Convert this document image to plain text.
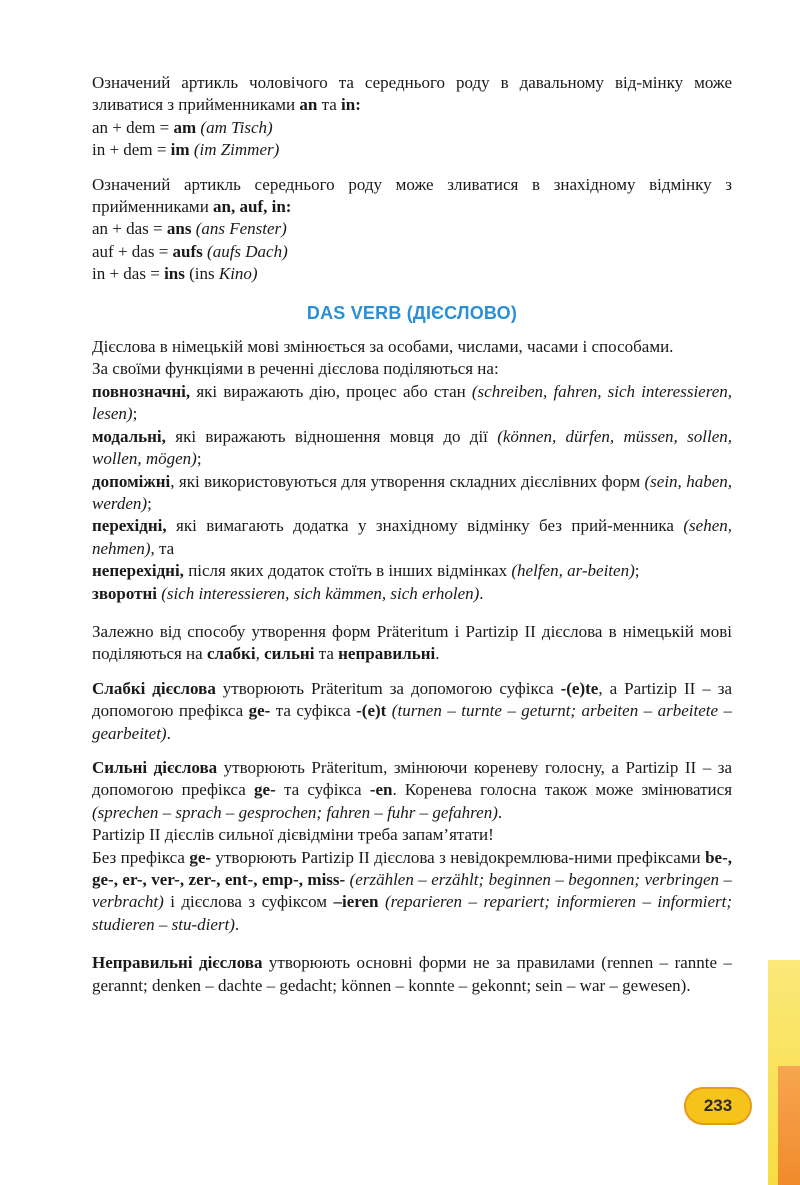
Означений артикль чоловічого та середнього роду в давальному від-мінку може зливатися з прийменниками an та in:

an + dem = am (am Tisch)
in + dem = im (im Zimmer)

Означений артикль середнього роду може зливатися в знахідному відмінку з прийменниками an, auf, in:

an + das = ans (ans Fenster)
auf + das = aufs (aufs Dach)
in + das = ins (ins Kino)
DAS VERB (ДІЄСЛОВО)

Дієслова в німецькій мові змінюється за особами, числами, часами і способами.

За своїми функціями в реченні дієслова поділяються на:

повнозначні, які виражають дію, процес або стан (schreiben, fahren, sich interessieren, lesen);

модальні, які виражають відношення мовця до дії (können, dürfen, müssen, sollen, wollen, mögen);

допоміжні, які використовуються для утворення складних дієслівних форм (sein, haben, werden);

перехідні, які вимагають додатка у знахідному відмінку без прий-менника (sehen, nehmen), та

неперехідні, після яких додаток стоїть в інших відмінках (helfen, ar-beiten);

зворотні (sich interessieren, sich kämmen, sich erholen).

Залежно від способу утворення форм Präteritum і Partizip II дієслова в німецькій мові поділяються на слабкі, сильні та неправильні.

Слабкі дієслова утворюють Präteritum за допомогою суфікса -(e)te, а Partizip II – за допомогою префікса ge- та суфікса -(e)t (turnen – turnte – geturnt; arbeiten – arbeitete – gearbeitet).

Сильні дієслова утворюють Präteritum, змінюючи кореневу голосну, а Partizip II – за допомогою префікса ge- та суфікса -en. Коренева голосна також може змінюватися (sprechen – sprach – gesprochen; fahren – fuhr – gefahren).

Partizip II дієслів сильної дієвідміни треба запам’ятати!

Без префікса ge- утворюють Partizip II дієслова з невідокремлюва-ними префіксами be-, ge-, er-, ver-, zer-, ent-, emp-, miss- (erzählen – erzählt; beginnen – begonnen; verbringen – verbracht) і дієслова з суфіксом –ieren (reparieren – repariert; informieren – informiert; studieren – stu-diert).

Неправильні дієслова утворюють основні форми не за правилами (rennen – rannte – gerannt; denken – dachte – gedacht; können – konnte – gekonnt; sein – war – gewesen).

233
